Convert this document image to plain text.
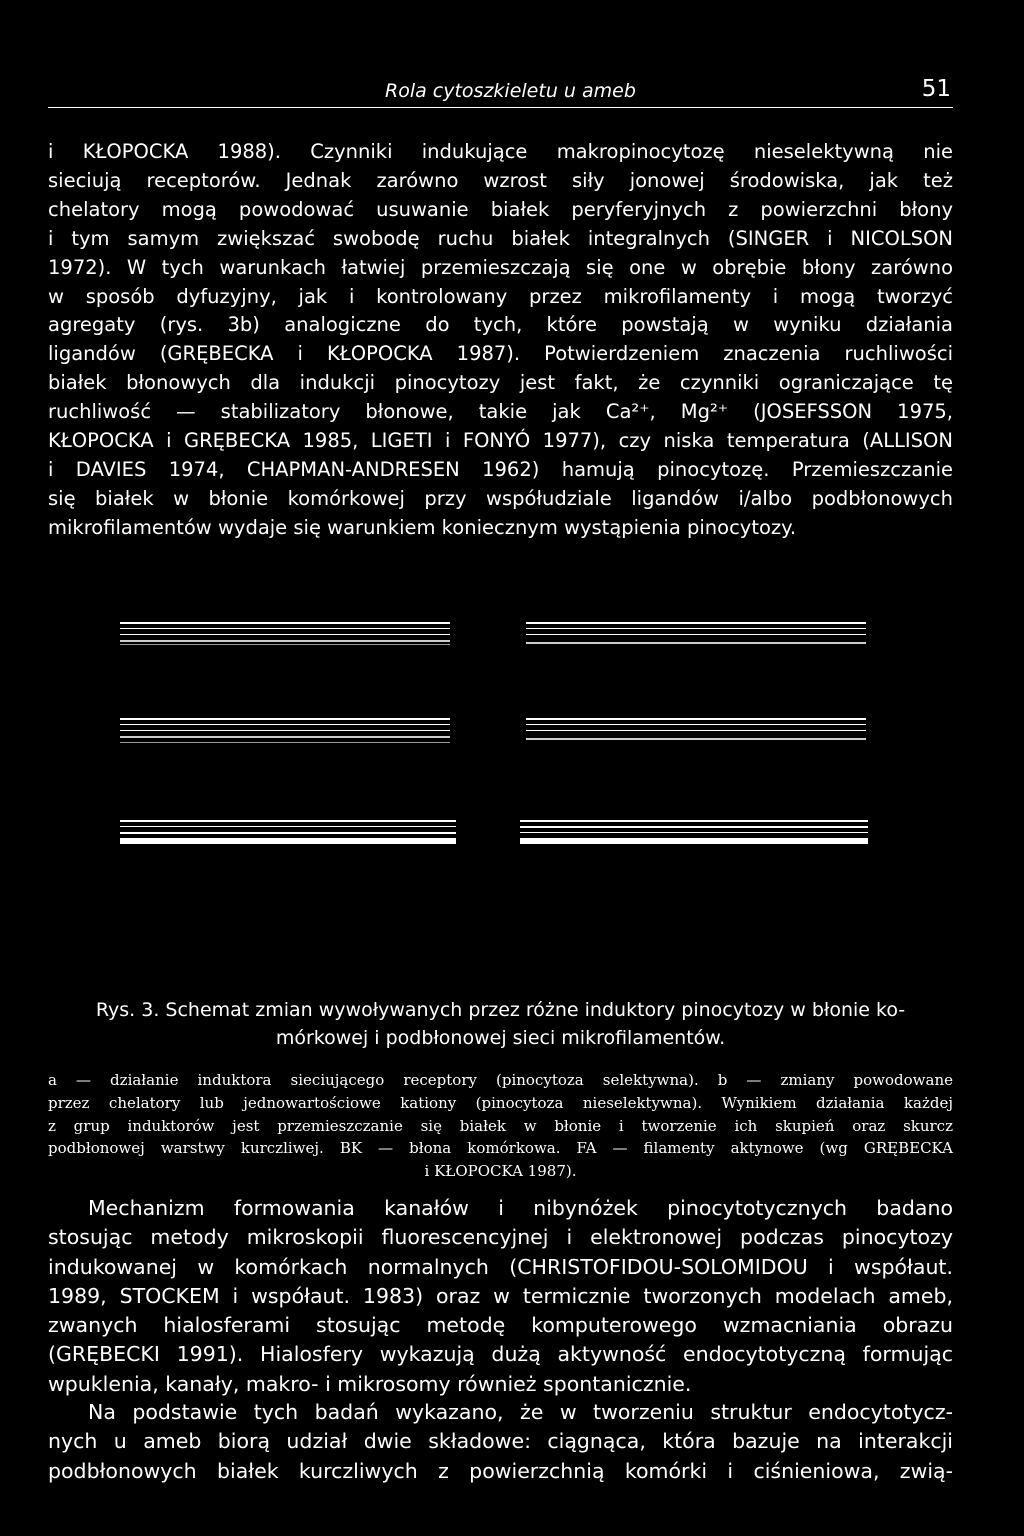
Rola cytoszkieletu u ameb	51
i KŁOPOCKA 1988). Czynniki indukujące makropinocytozę nieselektywną nie
sieciują receptorów. Jednak zarówno wzrost siły jonowej środowiska, jak też
chelatory mogą powodować usuwanie białek peryferyjnych z powierzchni błony
i tym samym zwiększać swobodę ruchu białek integralnych (SINGER i NICOLSON
1972). W tych warunkach łatwiej przemieszczają się one w obrębie błony zarówno
w sposób dyfuzyjny, jak i kontrolowany przez mikrofilamenty i mogą tworzyć
agregaty (rys. 3b) analogiczne do tych, które powstają w wyniku działania
ligandów (GRĘBECKA i KŁOPOCKA 1987). Potwierdzeniem znaczenia ruchliwości
białek błonowych dla indukcji pinocytozy jest fakt, że czynniki ograniczające tę
ruchliwość — stabilizatory błonowe, takie jak Ca²⁺, Mg²⁺ (JOSEFSSON 1975,
KŁOPOCKA i GRĘBECKA 1985, LIGETI i FONYÓ 1977), czy niska temperatura (ALLISON
i DAVIES 1974, CHAPMAN-ANDRESEN 1962) hamują pinocytozę. Przemieszczanie
się białek w błonie komórkowej przy współudziale ligandów i/albo podbłonowych
mikrofilamentów wydaje się warunkiem koniecznym wystąpienia pinocytozy.
Rys. 3. Schemat zmian wywoływanych przez różne induktory pinocytozy w błonie ko-
mórkowej i podbłonowej sieci mikrofilamentów.
a — działanie induktora sieciującego receptory (pinocytoza selektywna). b — zmiany powodowane
przez chelatory lub jednowartościowe kationy (pinocytoza nieselektywna). Wynikiem działania każdej
z grup induktorów jest przemieszczanie się białek w błonie i tworzenie ich skupień oraz skurcz
podbłonowej warstwy kurczliwej. BK — błona komórkowa. FA — filamenty aktynowe (wg GRĘBECKA
i KŁOPOCKA 1987).
Mechanizm formowania kanałów i nibynóżek pinocytotycznych badano
stosując metody mikroskopii fluorescencyjnej i elektronowej podczas pinocytozy
indukowanej w komórkach normalnych (CHRISTOFIDOU-SOLOMIDOU i współaut.
1989, STOCKEM i współaut. 1983) oraz w termicznie tworzonych modelach ameb,
zwanych hialosferami stosując metodę komputerowego wzmacniania obrazu
(GRĘBECKI 1991). Hialosfery wykazują dużą aktywność endocytotyczną formując
wpuklenia, kanały, makro- i mikrosomy również spontanicznie.
Na podstawie tych badań wykazano, że w tworzeniu struktur endocytotycz-
nych u ameb biorą udział dwie składowe: ciągnąca, która bazuje na interakcji
podbłonowych białek kurczliwych z powierzchnią komórki i ciśnieniowa, zwią-
